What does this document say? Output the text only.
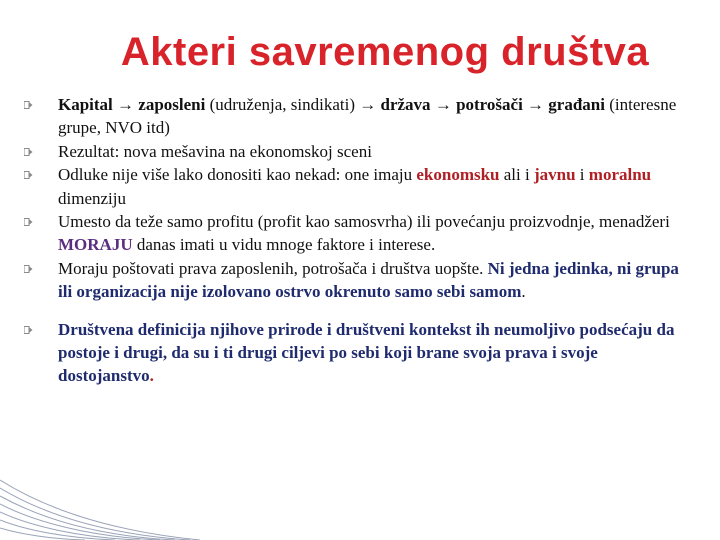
Akteri savremenog društva
Kapital → zaposleni (udruženja, sindikati) → država → potrošači → građani (interesne grupe, NVO itd)
Rezultat: nova mešavina na ekonomskoj sceni
Odluke nije više lako donositi kao nekad: one imaju ekonomsku ali i javnu i moralnu dimenziju
Umesto da teže samo profitu (profit kao samosvrha) ili povećanju proizvodnje, menadžeri MORAJU danas imati u vidu mnoge faktore i interese.
Moraju poštovati prava zaposlenih, potrošača i društva uopšte. Ni jedna jedinka, ni grupa ili organizacija nije izolovano ostrvo okrenuto samo sebi samom.
Društvena definicija njihove prirode i društveni kontekst ih neumoljivo podsećaju da postoje i drugi, da su i ti drugi ciljevi po sebi koji brane svoja prava i svoje dostojanstvo.
